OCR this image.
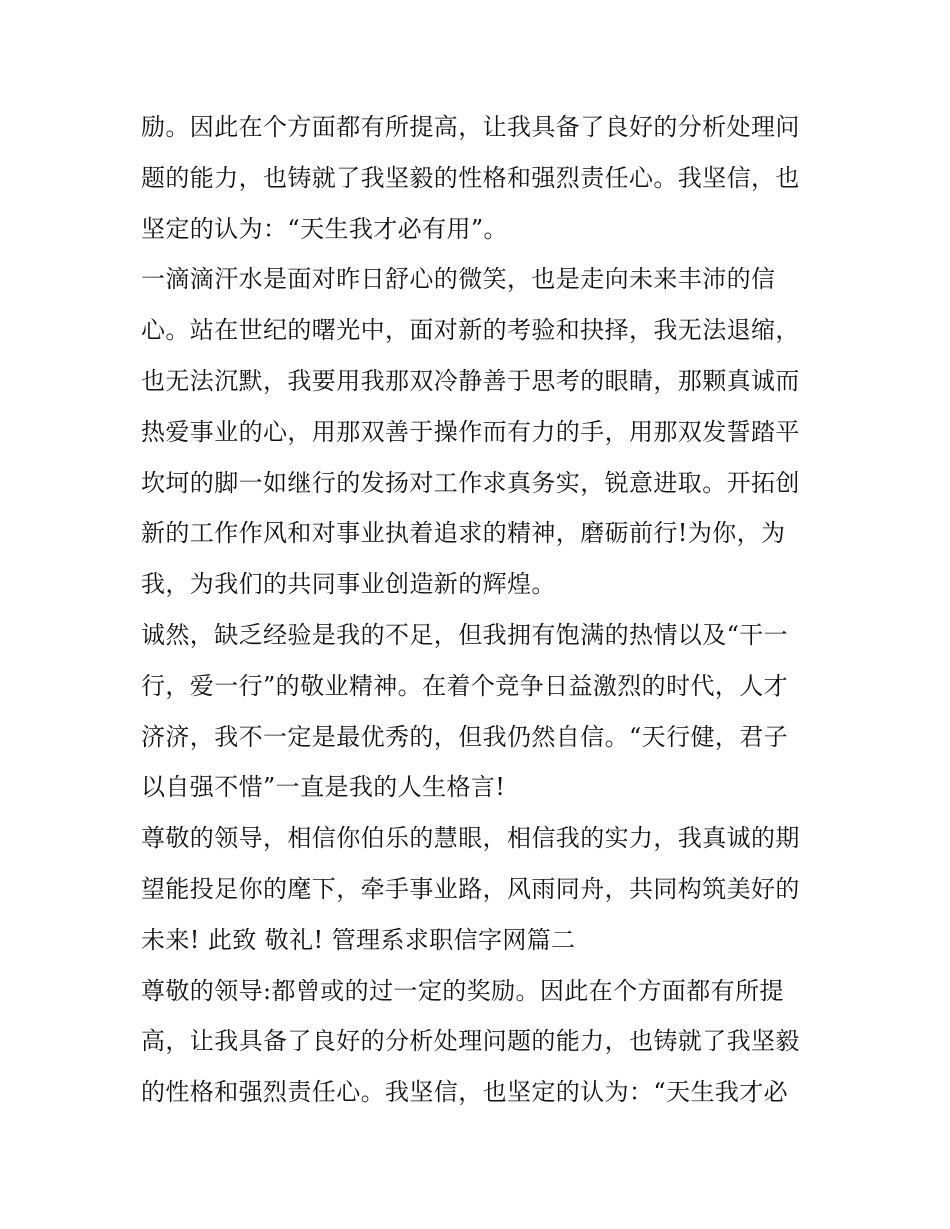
励。因此在个方面都有所提高，让我具备了良好的分析处理问
题的能力，也铸就了我坚毅的性格和强烈责任心。我坚信，也
坚定的认为：“天生我才必有用”。
一滴滴汗水是面对昨日舒心的微笑，也是走向未来丰沛的信
心。站在世纪的曙光中，面对新的考验和抉择，我无法退缩，
也无法沉默，我要用我那双冷静善于思考的眼睛，那颗真诚而
热爱事业的心，用那双善于操作而有力的手，用那双发誓踏平
坎坷的脚一如继行的发扬对工作求真务实，锐意进取。开拓创
新的工作作风和对事业执着追求的精神，磨砺前行!为你，为
我，为我们的共同事业创造新的辉煌。
诚然，缺乏经验是我的不足，但我拥有饱满的热情以及“干一
行，爱一行”的敬业精神。在着个竞争日益激烈的时代，人才
济济，我不一定是最优秀的，但我仍然自信。“天行健，君子
以自强不惜”一直是我的人生格言!
尊敬的领导，相信你伯乐的慧眼，相信我的实力，我真诚的期
望能投足你的麾下，牵手事业路，风雨同舟，共同构筑美好的
未来! 此致 敬礼! 管理系求职信字网篇二
尊敬的领导:都曾或的过一定的奖励。因此在个方面都有所提
高，让我具备了良好的分析处理问题的能力，也铸就了我坚毅
的性格和强烈责任心。我坚信，也坚定的认为：“天生我才必
